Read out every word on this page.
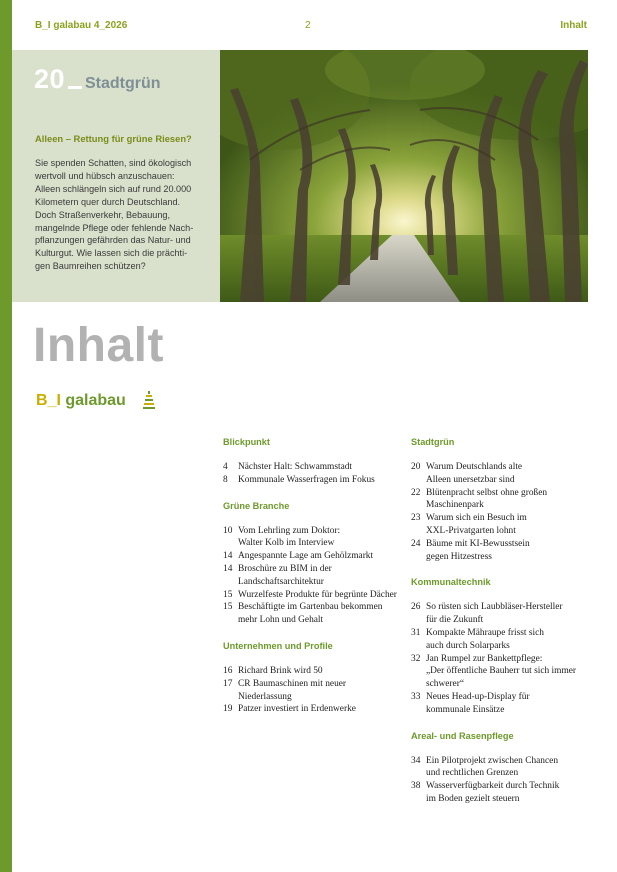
B_I galabau 4_2026	2	Inhalt
20	Stadtgrün
Alleen – Rettung für grüne Riesen?
Sie spenden Schatten, sind ökologisch
wertvoll und hübsch anzuschauen:
Alleen schlängeln sich auf rund 20.000
Kilometern quer durch Deutschland.
Doch Straßenverkehr, Bebauung,
mangelnde Pflege oder fehlende Nach-
pflanzungen gefährden das Natur- und
Kulturgut. Wie lassen sich die prächti-
gen Baumreihen schützen?
Inhalt
B_I galabau
Blickpunkt
4 Nächster Halt: Schwammstadt
8 Kommunale Wasserfragen im Fokus
Grüne Branche
10 Vom Lehrling zum Doktor:
Walter Kolb im Interview
14 Angespannte Lage am Gehölzmarkt
14 Broschüre zu BIM in der
Landschaftsarchitektur
15 Wurzelfeste Produkte für begrünte Dächer
15 Beschäftigte im Gartenbau bekommen
mehr Lohn und Gehalt
Unternehmen und Profile
16 Richard Brink wird 50
17 CR Baumaschinen mit neuer
Niederlassung
19 Patzer investiert in Erdenwerke
Stadtgrün
20 Warum Deutschlands alte
Alleen unersetzbar sind
22 Blütenpracht selbst ohne großen
Maschinenpark
23 Warum sich ein Besuch im
XXL-Privatgarten lohnt
24 Bäume mit KI-Bewusstsein
gegen Hitzestress
Kommunaltechnik
26 So rüsten sich Laubbläser-Hersteller
für die Zukunft
31 Kompakte Mähraupe frisst sich
auch durch Solarparks
32 Jan Rumpel zur Bankettpflege:
„Der öffentliche Bauherr tut sich immer
schwerer“
33 Neues Head-up-Display für
kommunale Einsätze
Areal- und Rasenpflege
34 Ein Pilotprojekt zwischen Chancen
und rechtlichen Grenzen
38 Wasserverfügbarkeit durch Technik
im Boden gezielt steuern
